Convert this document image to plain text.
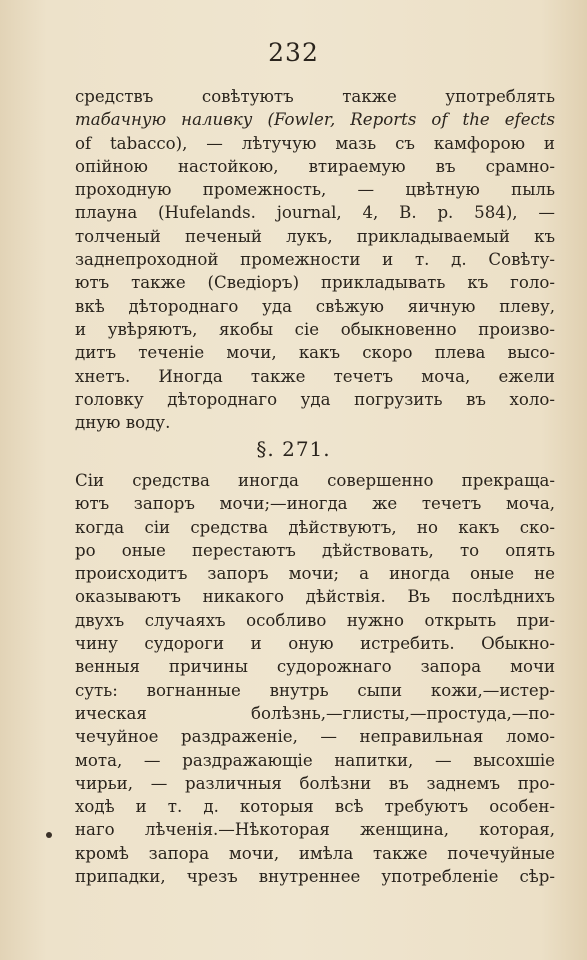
232
средствъ совѣтуютъ также употреблять
табачную наливку (Fowler, Reports of the efects
of tabacco), — лѣтучую мазь съ камфорою и
опійною настойкою, втираемую въ срамно-
проходную промежность, — цвѣтную пыль
плауна (Hufelands. journal, 4, B. p. 584), —
толченый печеный лукъ, прикладываемый къ
заднепроходной промежности и т. д. Совѣту-
ютъ также (Сведіоръ) прикладывать къ голо-
вкѣ дѣтороднаго уда свѣжую яичную плеву,
и увѣряютъ, якобы сіе обыкновенно произво-
дитъ теченіе мочи, какъ скоро плева высо-
хнетъ. Иногда также течетъ моча, ежели
головку дѣтороднаго уда погрузить въ холо-
дную воду.
§. 271.
Сіи средства иногда совершенно прекраща-
ютъ запоръ мочи;—иногда же течетъ моча,
когда сіи средства дѣйствуютъ, но какъ ско-
ро оные перестаютъ дѣйствовать, то опять
происходитъ запоръ мочи; а иногда оные не
оказываютъ никакого дѣйствія. Въ послѣднихъ
двухъ случаяхъ особливо нужно открыть при-
чину судороги и оную истребить. Обыкно-
венныя причины судорожнаго запора мочи
суть: вогнанные внутрь сыпи кожи,—истер-
ическая болѣзнь,—глисты,—простуда,—по-
чечуйное раздраженіе, — неправильная ломо-
мота, — раздражающіе напитки, — высохшіе
чирьи, — различныя болѣзни въ заднемъ про-
ходѣ и т. д. которыя всѣ требуютъ особен-
наго лѣченія.—Нѣкоторая женщина, которая,
кромѣ запора мочи, имѣла также почечуйные
припадки, чрезъ внутреннее употребленіе сѣр-
